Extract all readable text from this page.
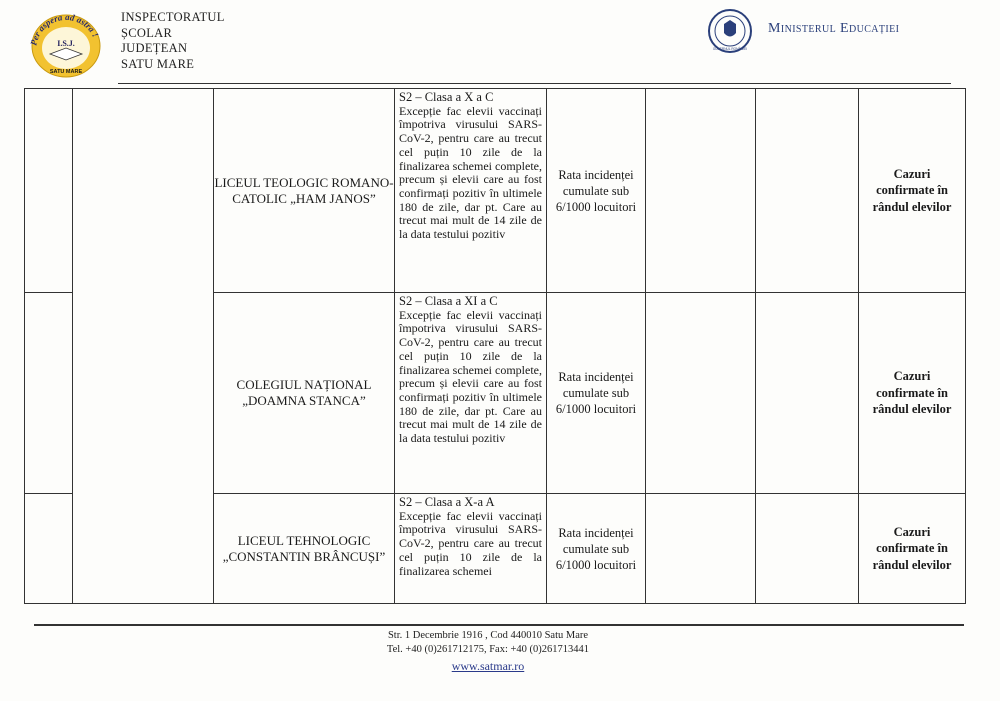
Per aspera ad astra !
I.S.J.
SATU MARE
INSPECTORATUL
ȘCOLAR
JUDEȚEAN
SATU MARE
GUVERNUL ROMÂNIEI
Ministerul Educației
		LICEUL TEOLOGIC ROMANO-CATOLIC „HAM JANOS”	S2 – Clasa a X a C
Excepție fac elevii vaccinați împotriva virusului SARS-CoV-2, pentru care au trecut cel puțin 10 zile de la finalizarea schemei complete, precum și elevii care au fost confirmați pozitiv în ultimele 180 de zile, dar pt. Care au trecut mai mult de 14 zile de la data testului pozitiv	Rata incidenței cumulate sub 6/1000 locuitori			Cazuri confirmate în rândul elevilor
		COLEGIUL NAȚIONAL „DOAMNA STANCA”	S2 – Clasa a XI a C
Excepție fac elevii vaccinați împotriva virusului SARS-CoV-2, pentru care au trecut cel puțin 10 zile de la finalizarea schemei complete, precum și elevii care au fost confirmați pozitiv în ultimele 180 de zile, dar pt. Care au trecut mai mult de 14 zile de la data testului pozitiv	Rata incidenței cumulate sub 6/1000 locuitori			Cazuri confirmate în rândul elevilor
		LICEUL TEHNOLOGIC „CONSTANTIN BRÂNCUȘI”	S2 – Clasa a X-a A
Excepție fac elevii vaccinați împotriva virusului SARS-CoV-2, pentru care au trecut cel puțin 10 zile de la finalizarea schemei	Rata incidenței cumulate sub 6/1000 locuitori			Cazuri confirmate în rândul elevilor
Str. 1 Decembrie 1916 , Cod 440010 Satu Mare
Tel. +40 (0)261712175, Fax: +40 (0)261713441
www.satmar.ro
